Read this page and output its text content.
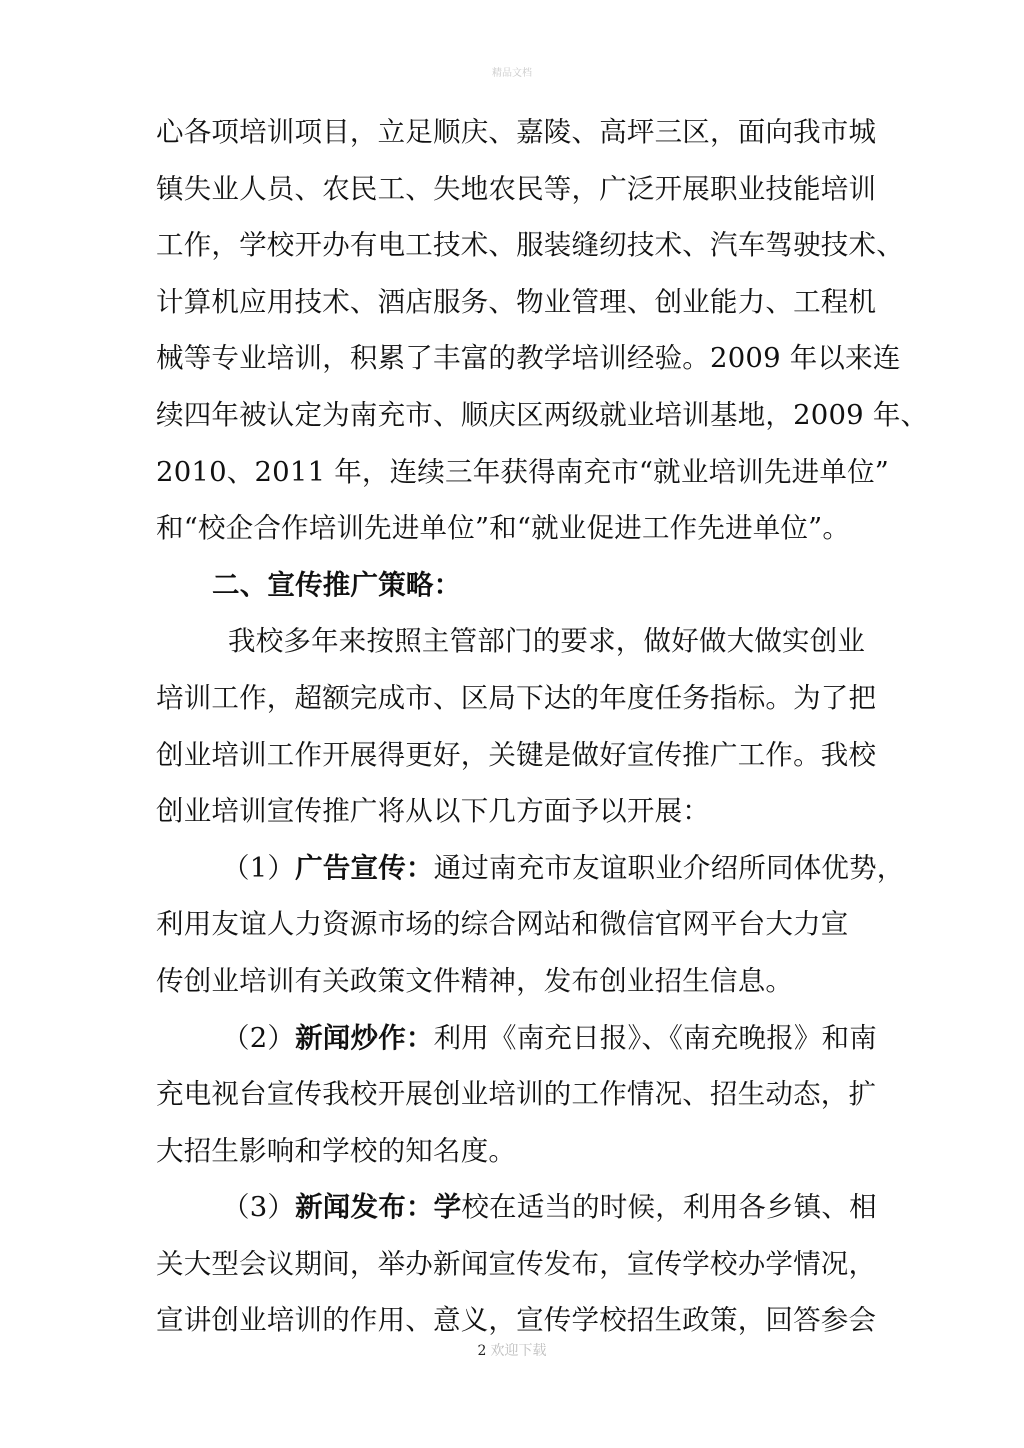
精品文档
心各项培训项目，立足顺庆、嘉陵、高坪三区，面向我市城
镇失业人员、农民工、失地农民等，广泛开展职业技能培训
工作，学校开办有电工技术、服装缝纫技术、汽车驾驶技术、
计算机应用技术、酒店服务、物业管理、创业能力、工程机
械等专业培训，积累了丰富的教学培训经验。2009 年以来连
续四年被认定为南充市、顺庆区两级就业培训基地，2009 年、
2010、2011 年，连续三年获得南充市“就业培训先进单位”
和“校企合作培训先进单位”和“就业促进工作先进单位”。
二、宣传推广策略：
我校多年来按照主管部门的要求，做好做大做实创业
培训工作，超额完成市、区局下达的年度任务指标。为了把
创业培训工作开展得更好，关键是做好宣传推广工作。我校
创业培训宣传推广将从以下几方面予以开展：
（1）广告宣传：通过南充市友谊职业介绍所同体优势，
利用友谊人力资源市场的综合网站和微信官网平台大力宣
传创业培训有关政策文件精神，发布创业招生信息。
（2）新闻炒作：利用《南充日报》、《南充晚报》和南
充电视台宣传我校开展创业培训的工作情况、招生动态，扩
大招生影响和学校的知名度。
（3）新闻发布：学校在适当的时候，利用各乡镇、相
关大型会议期间，举办新闻宣传发布，宣传学校办学情况，
宣讲创业培训的作用、意义，宣传学校招生政策，回答参会
2 欢迎下载
